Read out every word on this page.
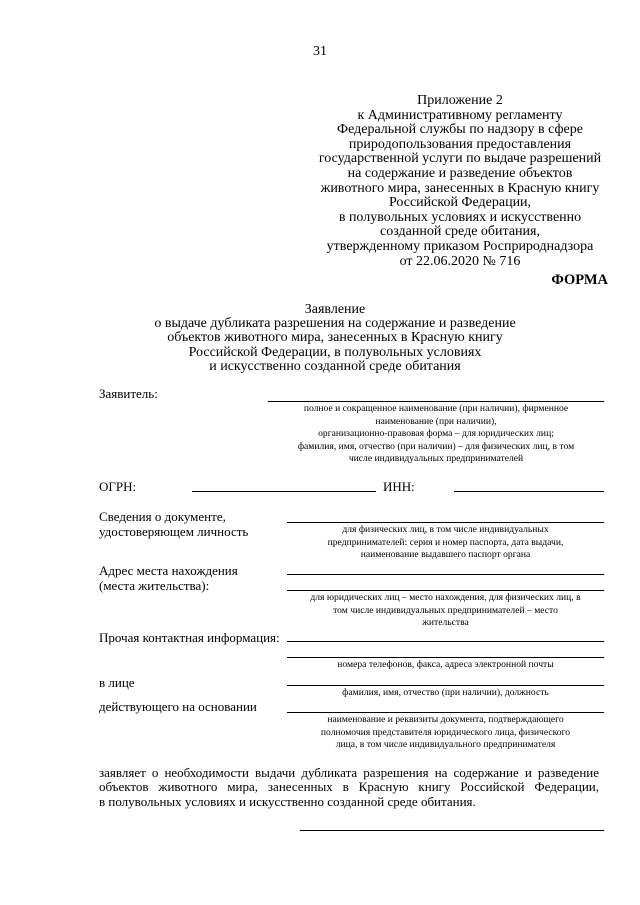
31
Приложение 2
к Административному регламенту
Федеральной службы по надзору в сфере
природопользования предоставления
государственной услуги по выдаче разрешений
на содержание и разведение объектов
животного мира, занесенных в Красную книгу
Российской Федерации,
в полувольных условиях и искусственно
созданной среде обитания,
утвержденному приказом Росприроднадзора
от 22.06.2020 № 716
ФОРМА
Заявление
о выдаче дубликата разрешения на содержание и разведение
объектов животного мира, занесенных в Красную книгу
Российской Федерации, в полувольных условиях
и искусственно созданной среде обитания
Заявитель:
полное и сокращенное наименование (при наличии), фирменное
наименование (при наличии),
организационно-правовая форма – для юридических лиц;
фамилия, имя, отчество (при наличии) – для физических лиц, в том
числе индивидуальных предпринимателей
ОГРН:	ИНН:
Сведения о документе,
удостоверяющем личность	для физических лиц, в том числе индивидуальных
предпринимателей: серия и номер паспорта, дата выдачи,
наименование выдавшего паспорт органа
Адрес места нахождения
(места жительства):
для юридических лиц – место нахождения, для физических лиц, в
том числе индивидуальных предпринимателей – место
жительства
Прочая контактная информация:
номера телефонов, факса, адреса электронной почты
в лице
фамилия, имя, отчество (при наличии), должность
действующего на основании
наименование и реквизиты документа, подтверждающего
полномочия представителя юридического лица, физического
лица, в том числе индивидуального предпринимателя
заявляет о необходимости выдачи дубликата разрешения на содержание и разведение
объектов животного мира, занесенных в Красную книгу Российской Федерации,
в полувольных условиях и искусственно созданной среде обитания.
